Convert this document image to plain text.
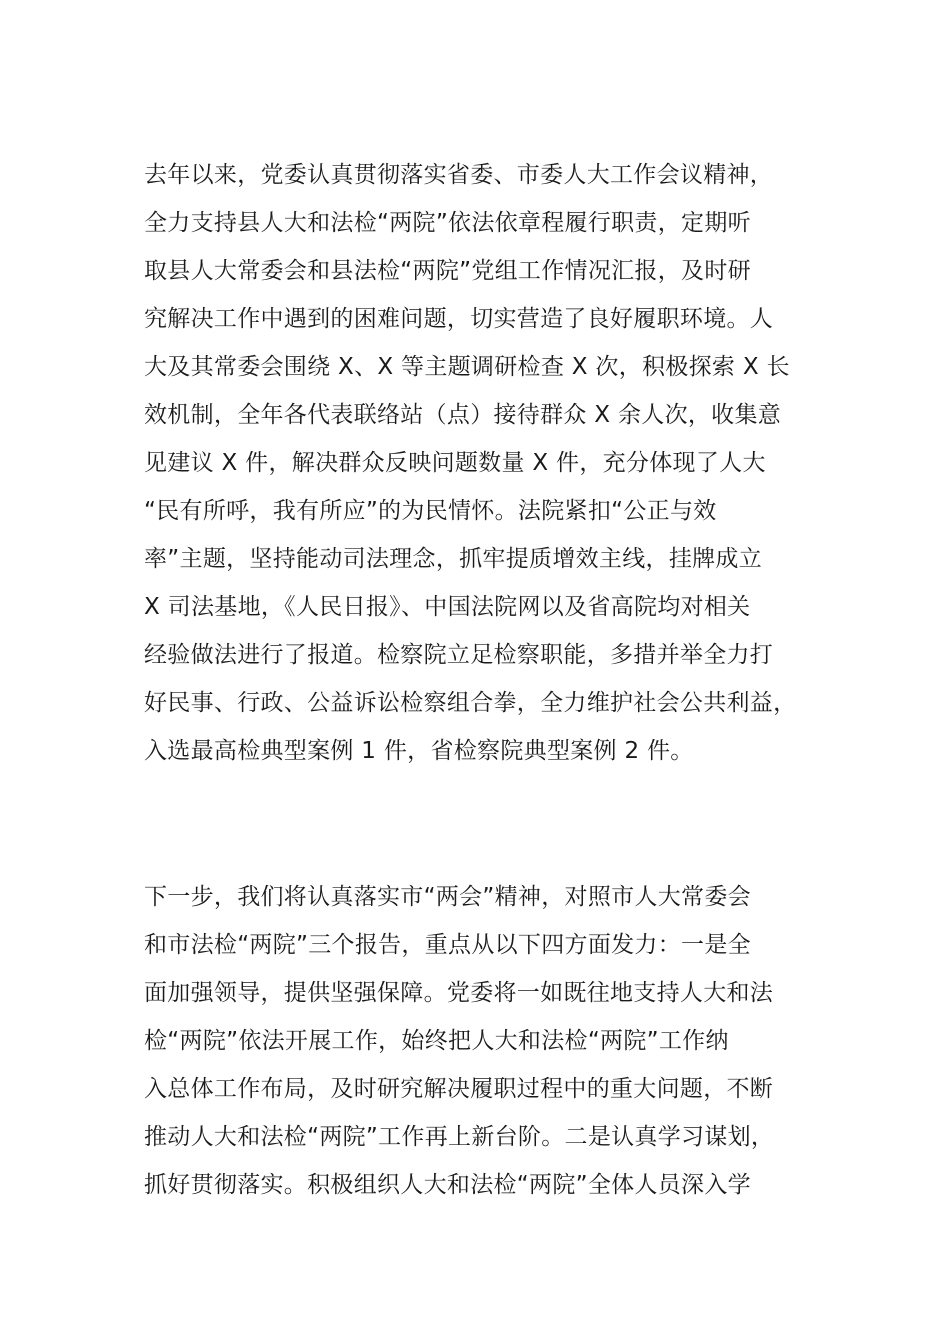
去年以来，党委认真贯彻落实省委、市委人大工作会议精神，
全力支持县人大和法检“两院”依法依章程履行职责，定期听
取县人大常委会和县法检“两院”党组工作情况汇报，及时研
究解决工作中遇到的困难问题，切实营造了良好履职环境。人
大及其常委会围绕 X、X 等主题调研检查 X 次，积极探索 X 长
效机制，全年各代表联络站（点）接待群众 X 余人次，收集意
见建议 X 件，解决群众反映问题数量 X 件，充分体现了人大
“民有所呼，我有所应”的为民情怀。法院紧扣“公正与效
率”主题，坚持能动司法理念，抓牢提质增效主线，挂牌成立
X 司法基地，《人民日报》、中国法院网以及省高院均对相关
经验做法进行了报道。检察院立足检察职能，多措并举全力打
好民事、行政、公益诉讼检察组合拳，全力维护社会公共利益，
入选最高检典型案例 1 件，省检察院典型案例 2 件。
下一步，我们将认真落实市“两会”精神，对照市人大常委会
和市法检“两院”三个报告，重点从以下四方面发力：一是全
面加强领导，提供坚强保障。党委将一如既往地支持人大和法
检“两院”依法开展工作，始终把人大和法检“两院”工作纳
入总体工作布局，及时研究解决履职过程中的重大问题，不断
推动人大和法检“两院”工作再上新台阶。二是认真学习谋划，
抓好贯彻落实。积极组织人大和法检“两院”全体人员深入学
